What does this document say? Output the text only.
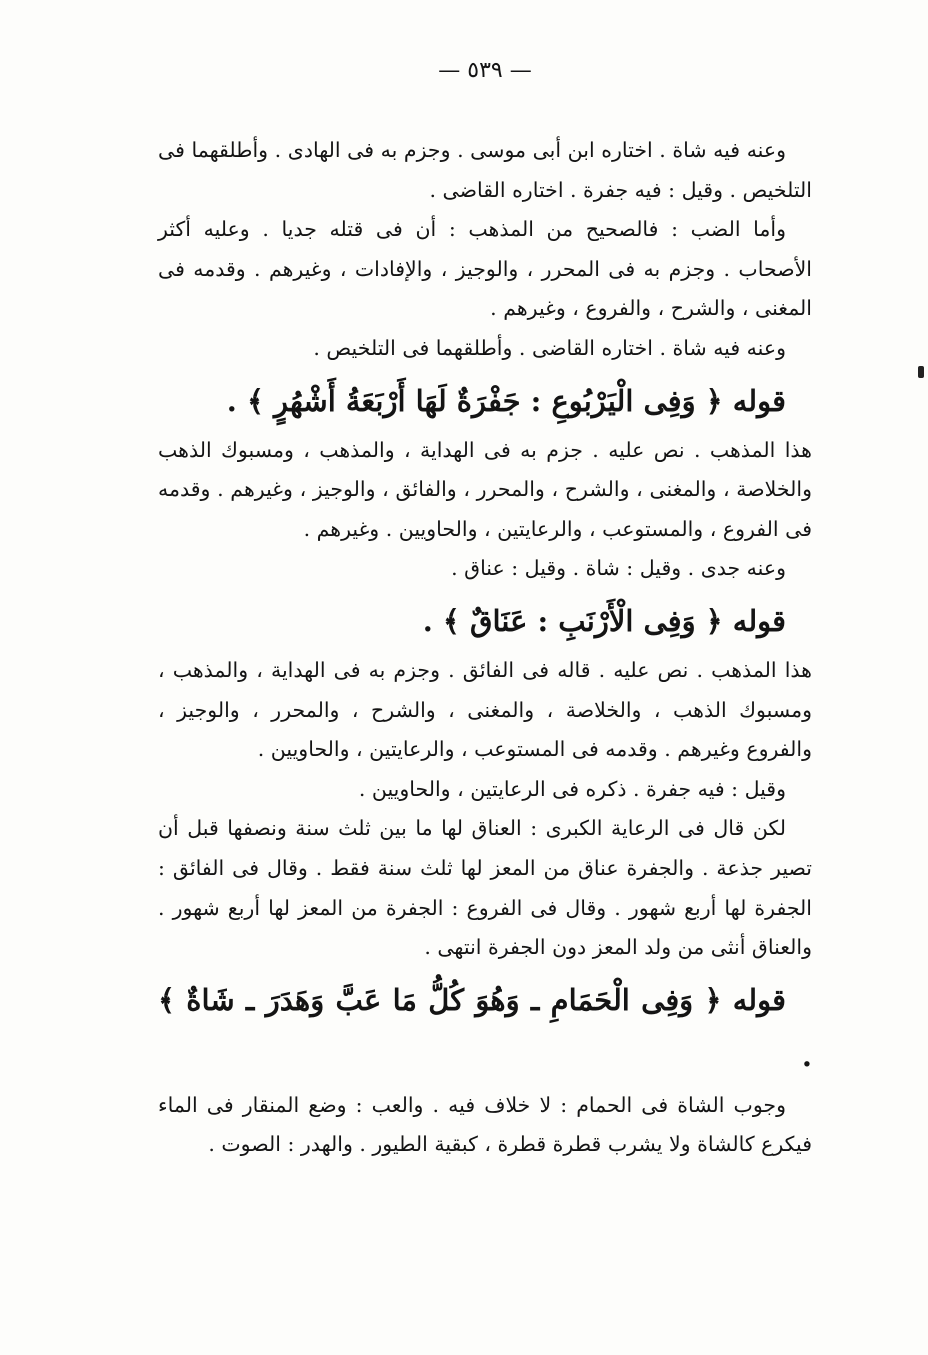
— ٥٣٩ —

وعنه فيه شاة . اختاره ابن أبى موسى . وجزم به فى الهادى . وأطلقهما فى التلخيص . وقيل : فيه جفرة . اختاره القاضى .

وأما الضب : فالصحيح من المذهب : أن فى قتله جديا . وعليه أكثر الأصحاب . وجزم به فى المحرر ، والوجيز ، والإفادات ، وغيرهم . وقدمه فى المغنى ، والشرح ، والفروع ، وغيرهم .

وعنه فيه شاة . اختاره القاضى . وأطلقهما فى التلخيص .

قوله ﴿ وَفِى الْيَرْبُوعِ : جَفْرَةٌ لَهَا أَرْبَعَةُ أَشْهُرٍ ﴾ .

هذا المذهب . نص عليه . جزم به فى الهداية ، والمذهب ، ومسبوك الذهب والخلاصة ، والمغنى ، والشرح ، والمحرر ، والفائق ، والوجيز ، وغيرهم . وقدمه فى الفروع ، والمستوعب ، والرعايتين ، والحاويين . وغيرهم .

وعنه جدى . وقيل : شاة . وقيل : عناق .

قوله ﴿ وَفِى الْأَرْنَبِ : عَنَاقٌ ﴾ .

هذا المذهب . نص عليه . قاله فى الفائق . وجزم به فى الهداية ، والمذهب ، ومسبوك الذهب ، والخلاصة ، والمغنى ، والشرح ، والمحرر ، والوجيز ، والفروع وغيرهم . وقدمه فى المستوعب ، والرعايتين ، والحاويين .

وقيل : فيه جفرة . ذكره فى الرعايتين ، والحاويين .

لكن قال فى الرعاية الكبرى : العناق لها ما بين ثلث سنة ونصفها قبل أن تصير جذعة . والجفرة عناق من المعز لها ثلث سنة فقط . وقال فى الفائق : الجفرة لها أربع شهور . وقال فى الفروع : الجفرة من المعز لها أربع شهور . والعناق أنثى من ولد المعز دون الجفرة انتهى .

قوله ﴿ وَفِى الْحَمَامِ ـ وَهُوَ كُلُّ مَا عَبَّ وَهَدَرَ ـ شَاةٌ ﴾ .

وجوب الشاة فى الحمام : لا خلاف فيه . والعب : وضع المنقار فى الماء فيكرع كالشاة ولا يشرب قطرة قطرة ، كبقية الطيور . والهدر : الصوت .
